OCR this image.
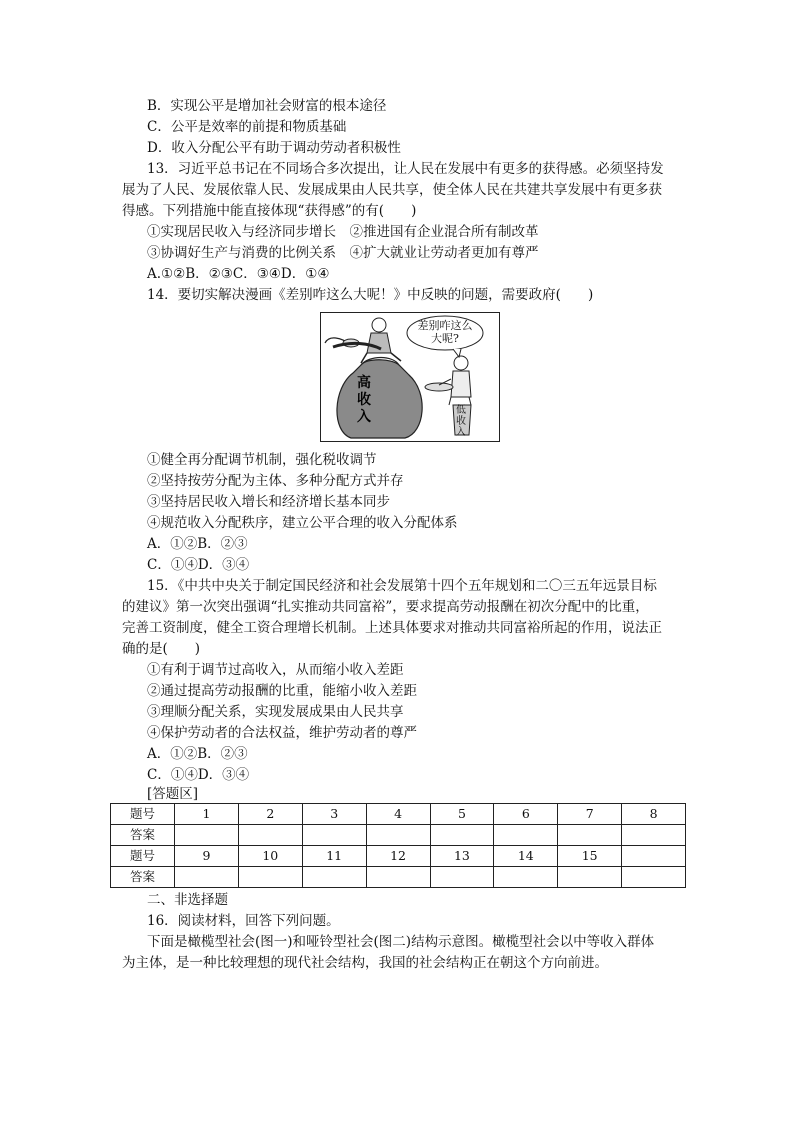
B．实现公平是增加社会财富的根本途径
C．公平是效率的前提和物质基础
D．收入分配公平有助于调动劳动者积极性
13．习近平总书记在不同场合多次提出，让人民在发展中有更多的获得感。必须坚持发
展为了人民、发展依靠人民、发展成果由人民共享，使全体人民在共建共享发展中有更多获
得感。下列措施中能直接体现“获得感”的有(　　)
①实现居民收入与经济同步增长　②推进国有企业混合所有制改革
③协调好生产与消费的比例关系　④扩大就业让劳动者更加有尊严
A.①②B．②③C．③④D．①④
14．要切实解决漫画《差别咋这么大呢！》中反映的问题，需要政府(　　)
差别咋这么大呢?
高收入	低收入
①健全再分配调节机制，强化税收调节
②坚持按劳分配为主体、多种分配方式并存
③坚持居民收入增长和经济增长基本同步
④规范收入分配秩序，建立公平合理的收入分配体系
A．①②B．②③
C．①④D．③④
15．《中共中央关于制定国民经济和社会发展第十四个五年规划和二〇三五年远景目标
的建议》第一次突出强调“扎实推动共同富裕”，要求提高劳动报酬在初次分配中的比重，
完善工资制度，健全工资合理增长机制。上述具体要求对推动共同富裕所起的作用，说法正
确的是(　　)
①有利于调节过高收入，从而缩小收入差距
②通过提高劳动报酬的比重，能缩小收入差距
③理顺分配关系，实现发展成果由人民共享
④保护劳动者的合法权益，维护劳动者的尊严
A．①②B．②③
C．①④D．③④
[答题区]
题号	1	2	3	4	5	6	7	8
答案								
题号	9	10	11	12	13	14	15	
答案								
二、非选择题
16．阅读材料，回答下列问题。
下面是橄榄型社会(图一)和哑铃型社会(图二)结构示意图。橄榄型社会以中等收入群体
为主体，是一种比较理想的现代社会结构，我国的社会结构正在朝这个方向前进。
